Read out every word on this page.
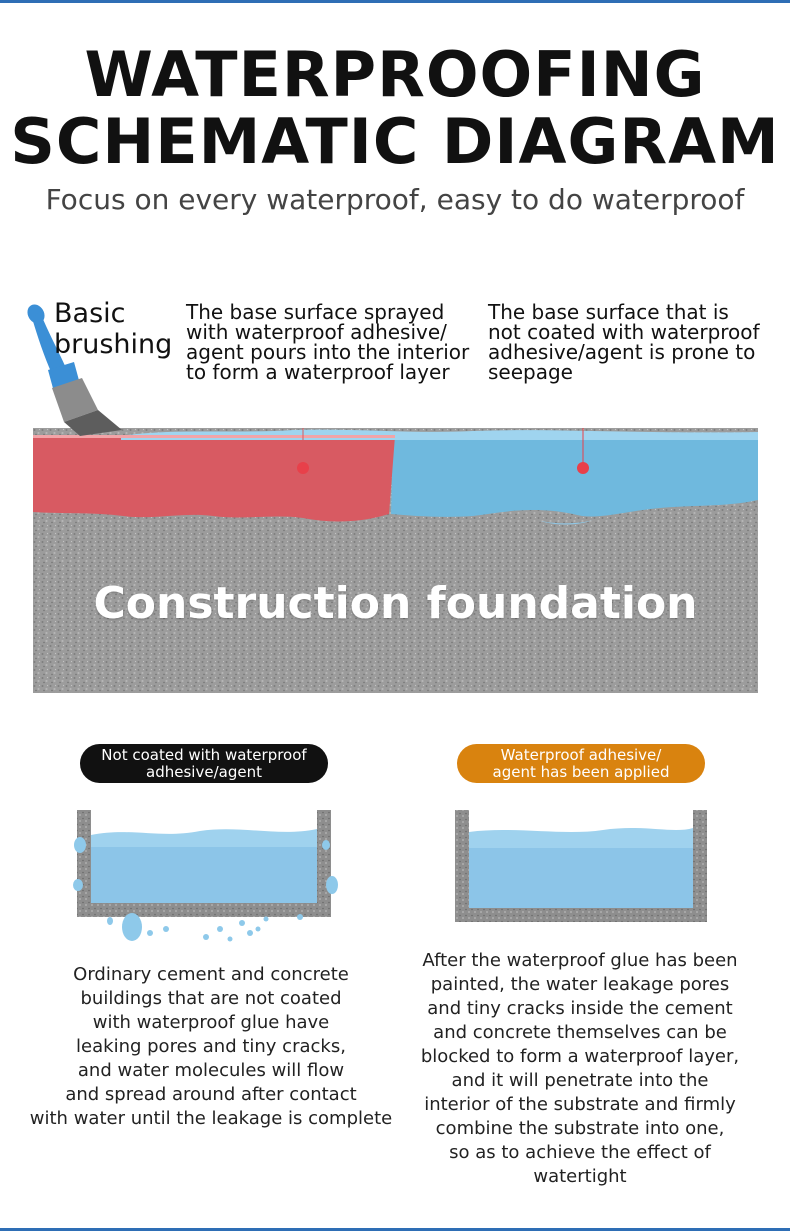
WATERPROOFING
SCHEMATIC DIAGRAM
Focus on every waterproof, easy to do waterproof
Basic
brushing
The base surface sprayed
with waterproof adhesive/
agent pours into the interior
to form a waterproof layer
The base surface that is
not coated with waterproof
adhesive/agent is prone to
seepage
Construction foundation
Not coated with waterproof
adhesive/agent
Waterproof adhesive/
agent has been applied
Ordinary cement and concrete
buildings that are not coated
with waterproof glue have
leaking pores and tiny cracks,
and water molecules will flow
and spread around after contact
with water until the leakage is complete
After the waterproof glue has been
painted, the water leakage pores
and tiny cracks inside the cement
and concrete themselves can be
blocked to form a waterproof layer,
and it will penetrate into the
interior of the substrate and firmly
combine the substrate into one,
so as to achieve the effect of
watertight
